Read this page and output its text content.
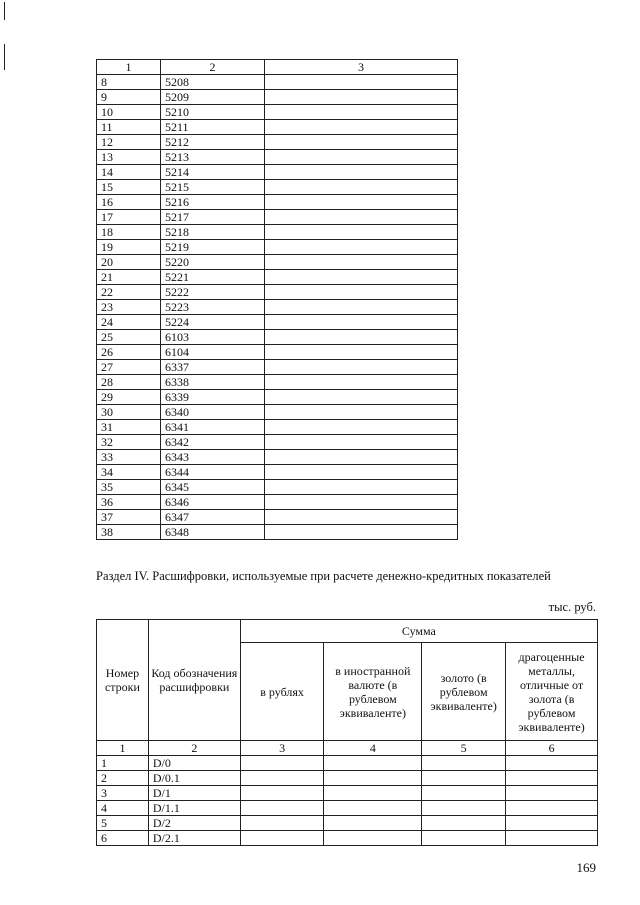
1	2	3
8	5208	
9	5209	
10	5210	
11	5211	
12	5212	
13	5213	
14	5214	
15	5215	
16	5216	
17	5217	
18	5218	
19	5219	
20	5220	
21	5221	
22	5222	
23	5223	
24	5224	
25	6103	
26	6104	
27	6337	
28	6338	
29	6339	
30	6340	
31	6341	
32	6342	
33	6343	
34	6344	
35	6345	
36	6346	
37	6347	
38	6348	
Раздел IV. Расшифровки, используемые при расчете денежно-кредитных показателей
тыс. руб.
Номер строки	Код обозначения расшифровки	Сумма			
		в рублях	в иностранной валюте (в рублевом эквиваленте)	золото (в рублевом эквиваленте)	драгоценные металлы, отличные от золота (в рублевом эквиваленте)
1	2	3	4	5	6
1	D/0				
2	D/0.1				
3	D/1				
4	D/1.1				
5	D/2				
6	D/2.1				
169
